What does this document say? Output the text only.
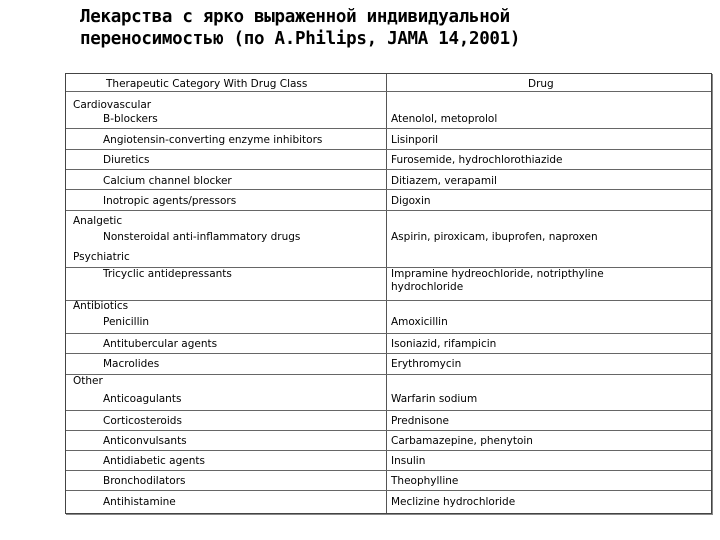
Лекарства с ярко выраженной индивидуальной
переносимостью (по A.Philips, JAMA 14,2001)
Therapeutic Category With Drug Class	Drug
Cardiovascular
B-blockers	Atenolol, metoprolol
Angiotensin-converting enzyme inhibitors	Lisinporil
Diuretics	Furosemide, hydrochlorothiazide
Calcium channel blocker	Ditiazem, verapamil
Inotropic agents/pressors	Digoxin
Analgetic
Nonsteroidal anti-inflammatory drugs	Aspirin, piroxicam, ibuprofen, naproxen
Psychiatric
Tricyclic antidepressants	Impramine hydreochloride, notripthyline
hydrochloride
Antibiotics
Penicillin	Amoxicillin
Antitubercular agents	Isoniazid, rifampicin
Macrolides	Erythromycin
Other
Anticoagulants	Warfarin sodium
Corticosteroids	Prednisone
Anticonvulsants	Carbamazepine, phenytoin
Antidiabetic agents	Insulin
Bronchodilators	Theophylline
Antihistamine	Meclizine hydrochloride
